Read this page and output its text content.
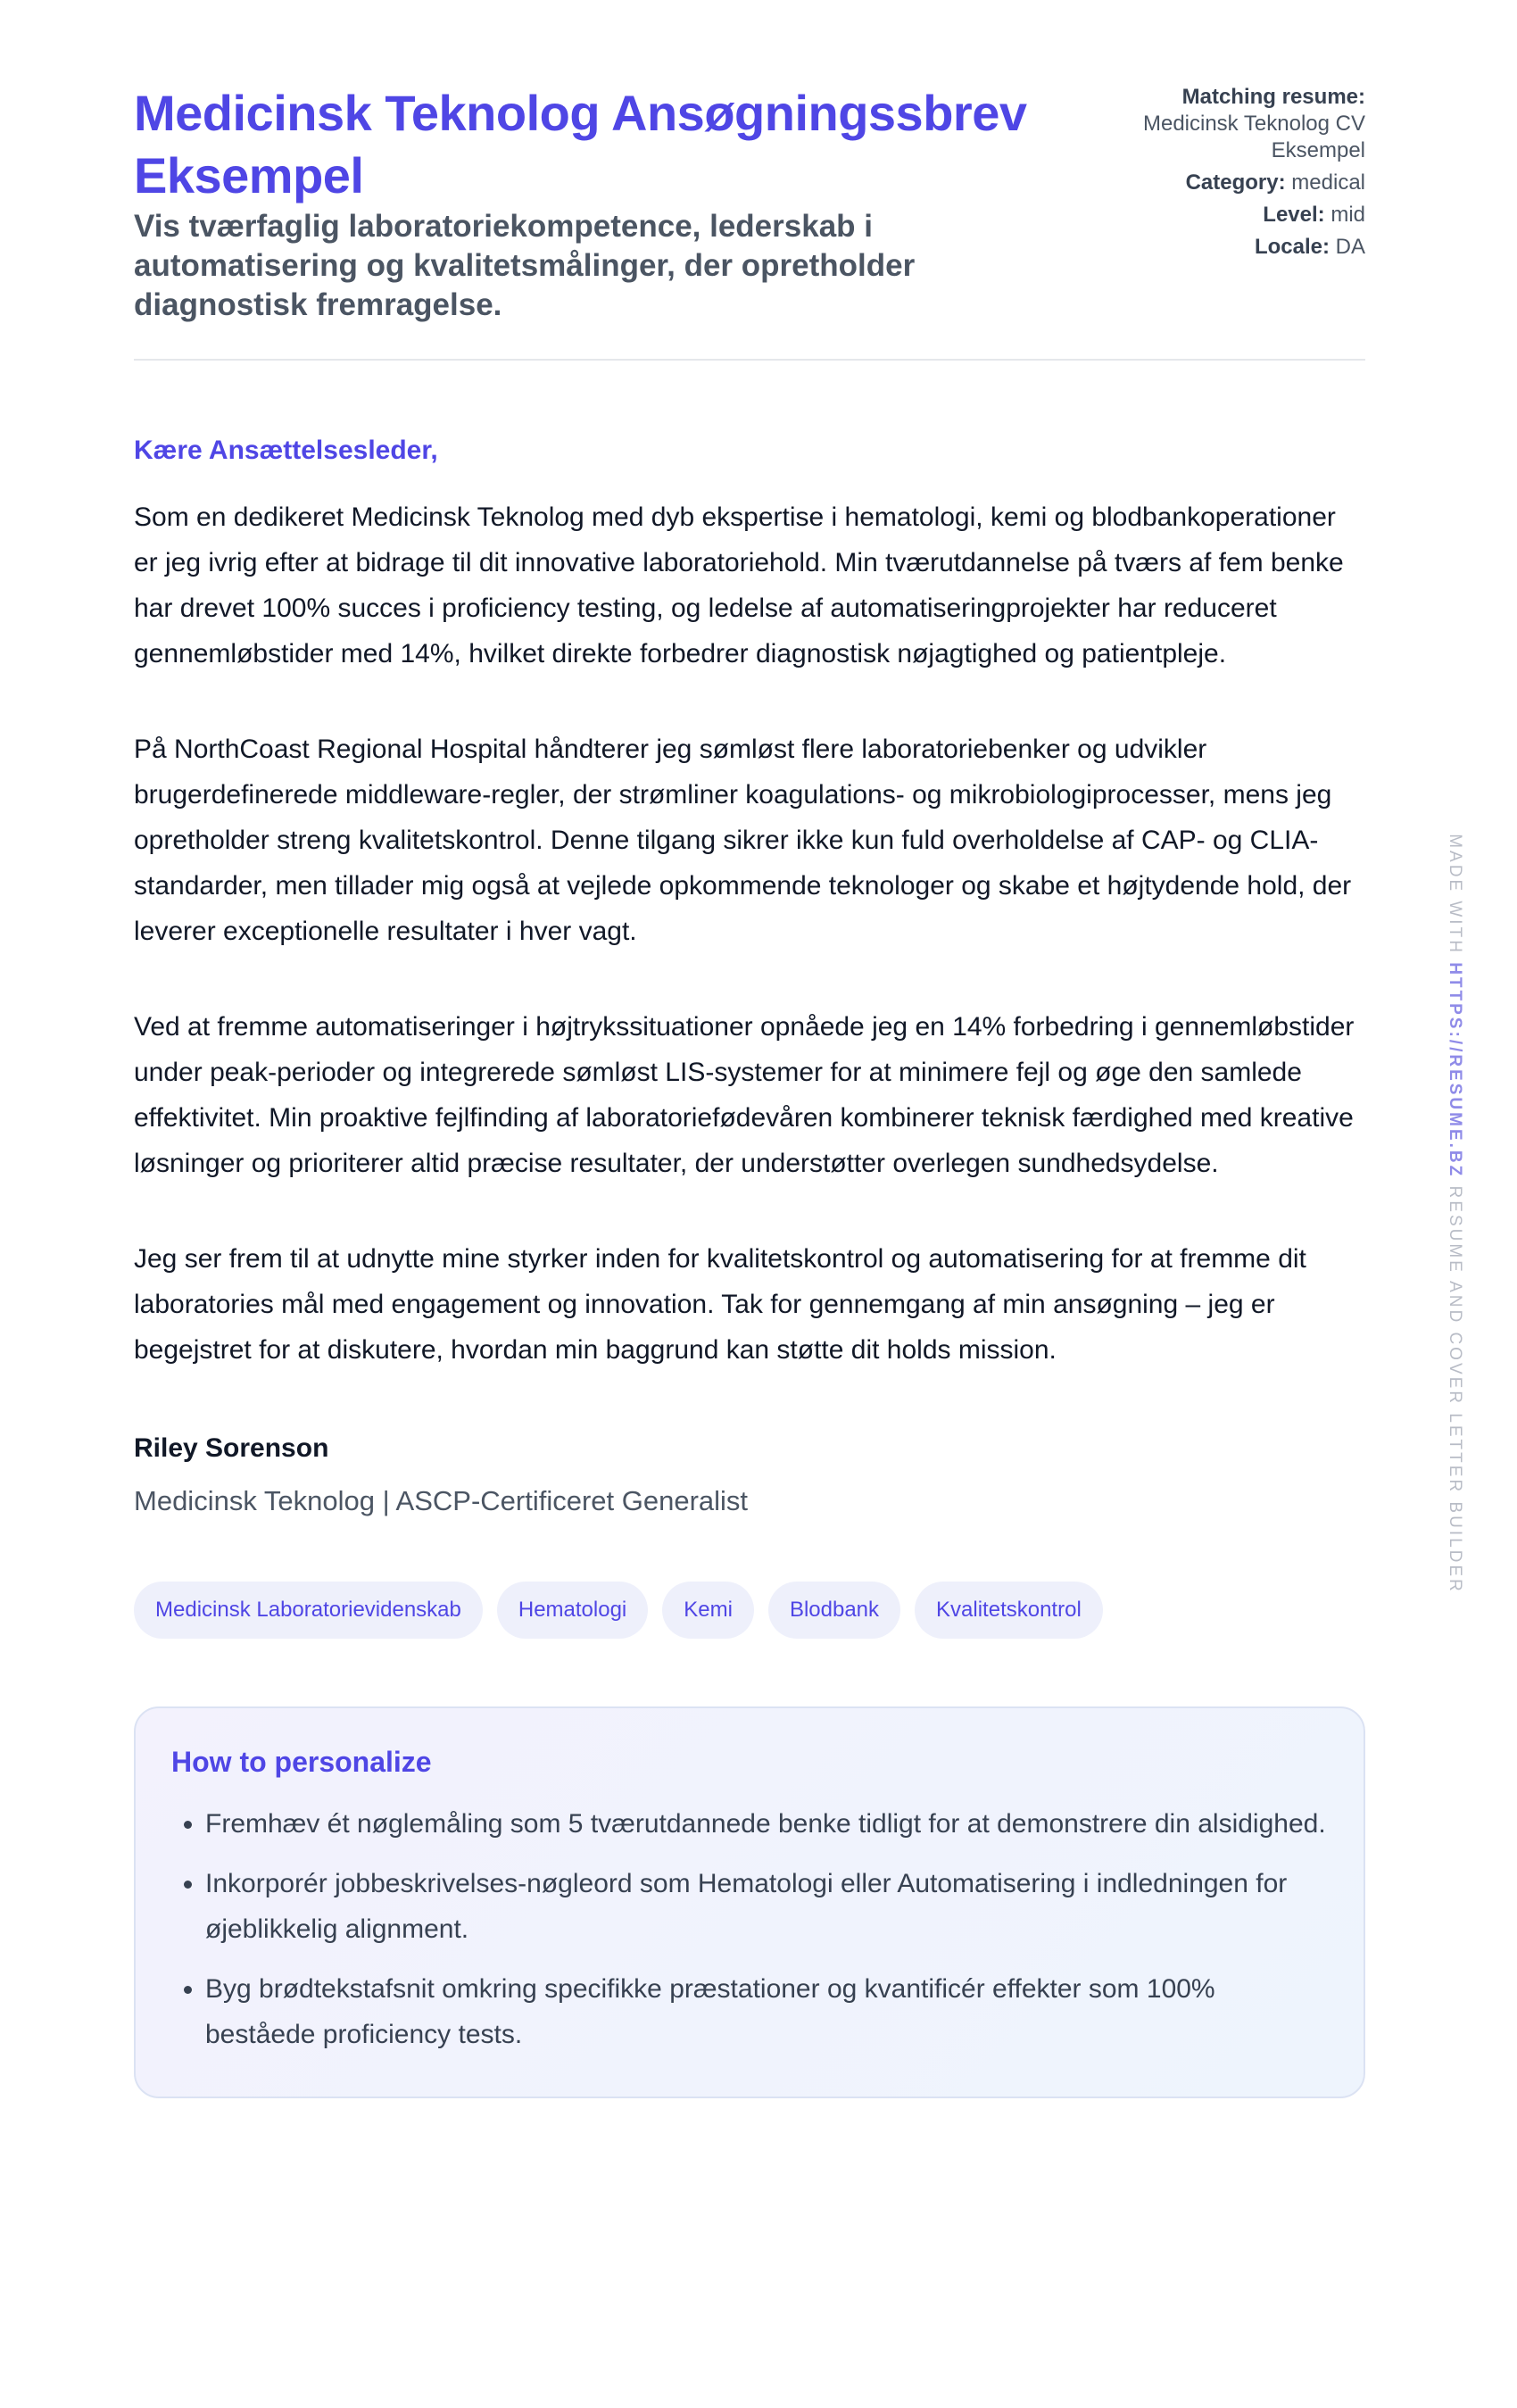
Medicinsk Teknolog Ansøgningssbrev Eksempel
Vis tværfaglig laboratoriekompetence, lederskab i automatisering og kvalitetsmålinger, der opretholder diagnostisk fremragelse.
Matching resume:
Medicinsk Teknolog CV Eksempel
Category: medical
Level: mid
Locale: DA
Kære Ansættelsesleder,

Som en dedikeret Medicinsk Teknolog med dyb ekspertise i hematologi, kemi og blodbankoperationer er jeg ivrig efter at bidrage til dit innovative laboratoriehold. Min tværutdannelse på tværs af fem benke har drevet 100% succes i proficiency testing, og ledelse af automatiseringprojekter har reduceret gennemløbstider med 14%, hvilket direkte forbedrer diagnostisk nøjagtighed og patientpleje.

På NorthCoast Regional Hospital håndterer jeg sømløst flere laboratoriebenker og udvikler brugerdefinerede middleware-regler, der strømliner koagulations- og mikrobiologiprocesser, mens jeg opretholder streng kvalitetskontrol. Denne tilgang sikrer ikke kun fuld overholdelse af CAP- og CLIA-standarder, men tillader mig også at vejlede opkommende teknologer og skabe et højtydende hold, der leverer exceptionelle resultater i hver vagt.

Ved at fremme automatiseringer i højtrykssituationer opnåede jeg en 14% forbedring i gennemløbstider under peak-perioder og integrerede sømløst LIS-systemer for at minimere fejl og øge den samlede effektivitet. Min proaktive fejlfinding af laboratoriefødevåren kombinerer teknisk færdighed med kreative løsninger og prioriterer altid præcise resultater, der understøtter overlegen sundhedsydelse.

Jeg ser frem til at udnytte mine styrker inden for kvalitetskontrol og automatisering for at fremme dit laboratories mål med engagement og innovation. Tak for gennemgang af min ansøgning – jeg er begejstret for at diskutere, hvordan min baggrund kan støtte dit holds mission.

Riley Sorenson
Medicinsk Teknolog | ASCP-Certificeret Generalist
Medicinsk Laboratorievidenskab	Hematologi	Kemi	Blodbank	Kvalitetskontrol
How to personalize
• Fremhæv ét nøglemåling som 5 tværutdannede benke tidligt for at demonstrere din alsidighed.
• Inkorporér jobbeskrivelses-nøgleord som Hematologi eller Automatisering i indledningen for øjeblikkelig alignment.
• Byg brødtekstafsnit omkring specifikke præstationer og kvantificér effekter som 100% beståede proficiency tests.
MADE WITH HTTPS://RESUME.BZ RESUME AND COVER LETTER BUILDER
